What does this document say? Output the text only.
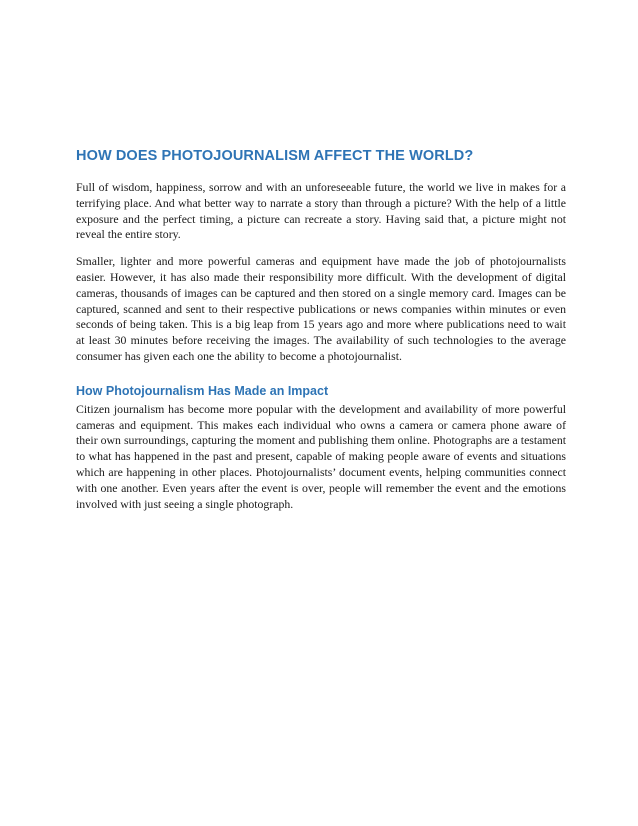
HOW DOES PHOTOJOURNALISM AFFECT THE WORLD?

Full of wisdom, happiness, sorrow and with an unforeseeable future, the world we live in makes for a terrifying place. And what better way to narrate a story than through a picture? With the help of a little exposure and the perfect timing, a picture can recreate a story. Having said that, a picture might not reveal the entire story.

Smaller, lighter and more powerful cameras and equipment have made the job of photojournalists easier. However, it has also made their responsibility more difficult. With the development of digital cameras, thousands of images can be captured and then stored on a single memory card. Images can be captured, scanned and sent to their respective publications or news companies within minutes or even seconds of being taken. This is a big leap from 15 years ago and more where publications need to wait at least 30 minutes before receiving the images. The availability of such technologies to the average consumer has given each one the ability to become a photojournalist.

How Photojournalism Has Made an Impact

Citizen journalism has become more popular with the development and availability of more powerful cameras and equipment. This makes each individual who owns a camera or camera phone aware of their own surroundings, capturing the moment and publishing them online. Photographs are a testament to what has happened in the past and present, capable of making people aware of events and situations which are happening in other places. Photojournalists’ document events, helping communities connect with one another. Even years after the event is over, people will remember the event and the emotions involved with just seeing a single photograph.
